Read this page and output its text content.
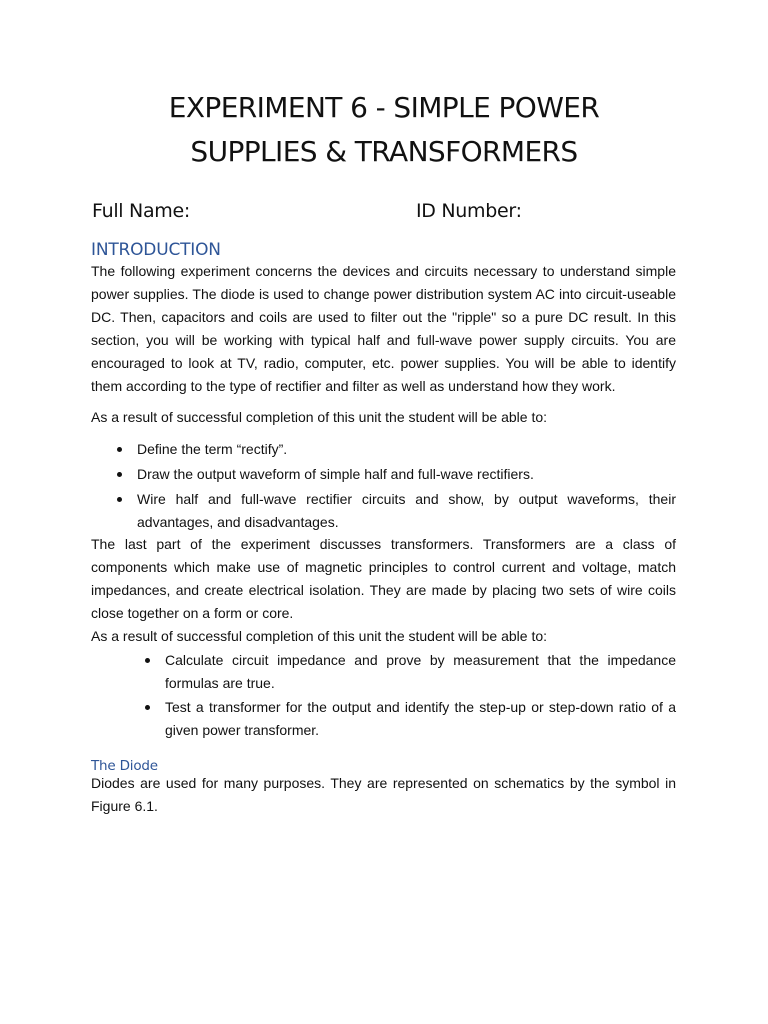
EXPERIMENT 6 - SIMPLE POWER
SUPPLIES & TRANSFORMERS
Full Name:	ID Number:
INTRODUCTION

The following experiment concerns the devices and circuits necessary to understand simple power supplies. The diode is used to change power distribution system AC into circuit-useable DC. Then, capacitors and coils are used to filter out the "ripple" so a pure DC result. In this section, you will be working with typical half and full-wave power supply circuits. You are encouraged to look at TV, radio, computer, etc. power supplies. You will be able to identify them according to the type of rectifier and filter as well as understand how they work.

As a result of successful completion of this unit the student will be able to:

Define the term “rectify”.
Draw the output waveform of simple half and full-wave rectifiers.
Wire half and full-wave rectifier circuits and show, by output waveforms, their advantages, and disadvantages.

The last part of the experiment discusses transformers. Transformers are a class of components which make use of magnetic principles to control current and voltage, match impedances, and create electrical isolation. They are made by placing two sets of wire coils close together on a form or core.

As a result of successful completion of this unit the student will be able to:

Calculate circuit impedance and prove by measurement that the impedance formulas are true.
Test a transformer for the output and identify the step-up or step-down ratio of a given power transformer.
The Diode

Diodes are used for many purposes. They are represented on schematics by the symbol in Figure 6.1.
